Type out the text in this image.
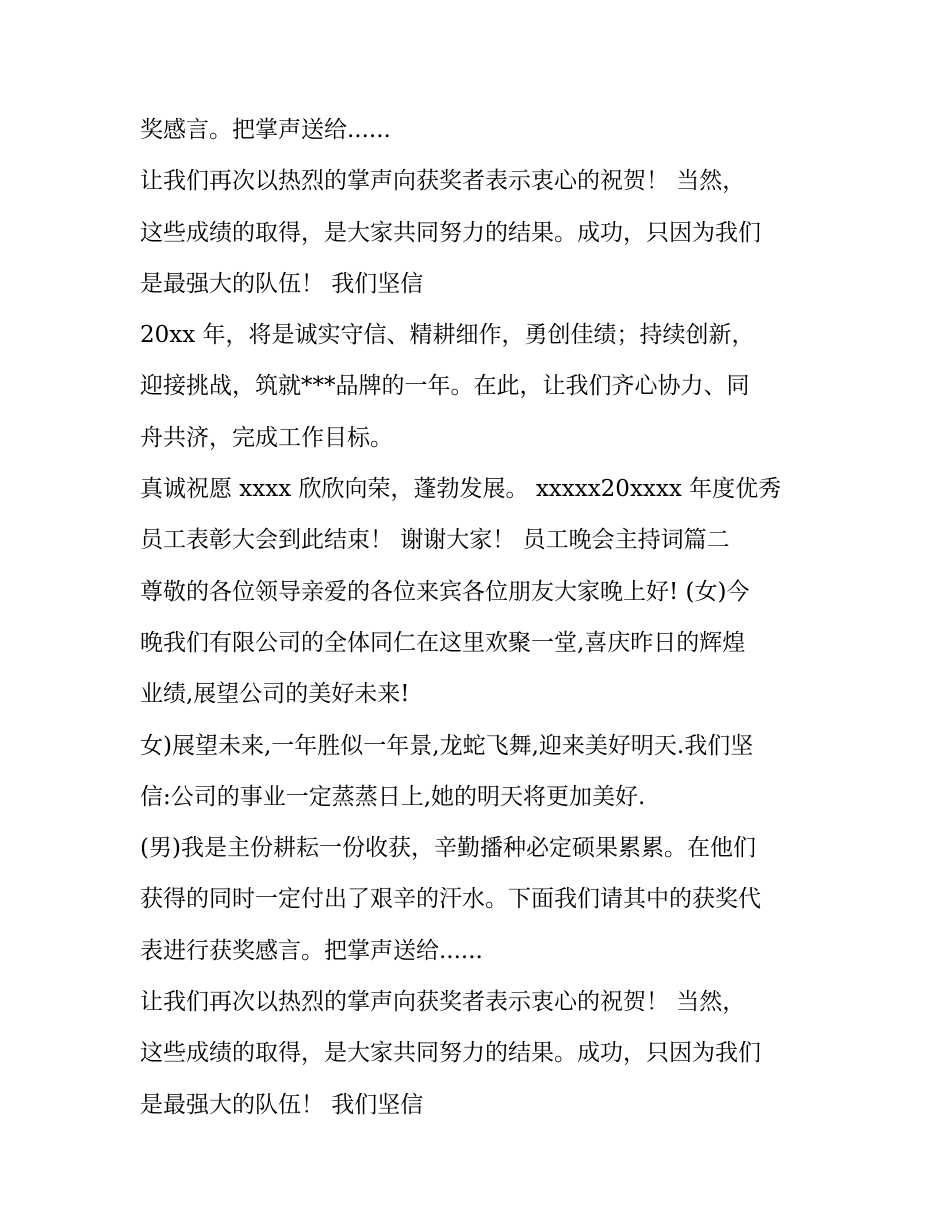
奖感言。把掌声送给......
让我们再次以热烈的掌声向获奖者表示衷心的祝贺！ 当然，
这些成绩的取得，是大家共同努力的结果。成功，只因为我们
是最强大的队伍！ 我们坚信
20xx 年，将是诚实守信、精耕细作，勇创佳绩；持续创新，
迎接挑战，筑就***品牌的一年。在此，让我们齐心协力、同
舟共济，完成工作目标。
真诚祝愿 xxxx 欣欣向荣，蓬勃发展。 xxxxx20xxxx 年度优秀
员工表彰大会到此结束！ 谢谢大家！ 员工晚会主持词篇二
尊敬的各位领导亲爱的各位来宾各位朋友大家晚上好! (女)今
晚我们有限公司的全体同仁在这里欢聚一堂,喜庆昨日的辉煌
业绩,展望公司的美好未来!
女)展望未来,一年胜似一年景,龙蛇飞舞,迎来美好明天.我们坚
信:公司的事业一定蒸蒸日上,她的明天将更加美好.
(男)我是主份耕耘一份收获，辛勤播种必定硕果累累。在他们
获得的同时一定付出了艰辛的汗水。下面我们请其中的获奖代
表进行获奖感言。把掌声送给......
让我们再次以热烈的掌声向获奖者表示衷心的祝贺！ 当然，
这些成绩的取得，是大家共同努力的结果。成功，只因为我们
是最强大的队伍！ 我们坚信
